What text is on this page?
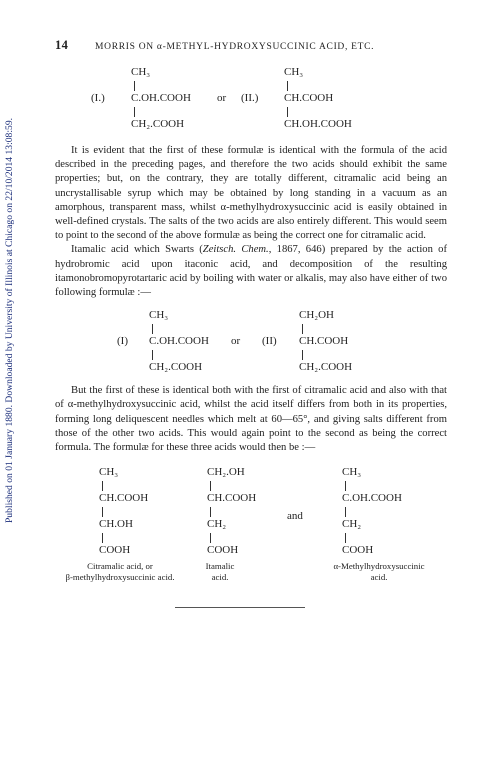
Published on 01 January 1880. Downloaded by University of Illinois at Chicago on 22/10/2014 13:08:59.
14	MORRIS ON α-METHYL-HYDROXYSUCCINIC ACID, ETC.
CH₃
(I.) C.OH.COOH
CH₂.COOH
or
CH₃
(II.) CH.COOH
CH.OH.COOH

It is evident that the first of these formulæ is identical with the formula of the acid described in the preceding pages, and therefore the two acids should exhibit the same properties; but, on the contrary, they are totally different, citramalic acid being an uncrystallisable syrup which may be obtained by long standing in a vacuum as an amorphous, transparent mass, whilst α-methylhydroxysuccinic acid is easily obtained in well-defined crystals. The salts of the two acids are also entirely different. This would seem to point to the second of the above formulæ as being the correct one for citramalic acid.

Itamalic acid which Swarts (Zeitsch. Chem., 1867, 646) prepared by the action of hydrobromic acid upon itaconic acid, and decomposition of the resulting itamonobromopyrotartaric acid by boiling with water or alkalis, may also have either of two following formulæ :—

CH₃
(I) C.OH.COOH
CH₂.COOH
or
CH₂OH
(II) CH.COOH
CH₂.COOH

But the first of these is identical both with the first of citramalic acid and also with that of α-methylhydroxysuccinic acid, whilst the acid itself differs from both in its properties, forming long deliquescent needles which melt at 60—65°, and giving salts different from those of the other two acids. This would again point to the second as being the correct formula. The formulæ for these three acids would then be :—

CH₃
CH.COOH
CH.OH
COOH
CH₂.OH
CH.COOH
CH₂
COOH
and
CH₃
C.OH.COOH
CH₂
COOH
Citramalic acid, or
β-methylhydroxysuccinic acid.
Itamalic
acid.
α-Methylhydroxysuccinic
acid.
